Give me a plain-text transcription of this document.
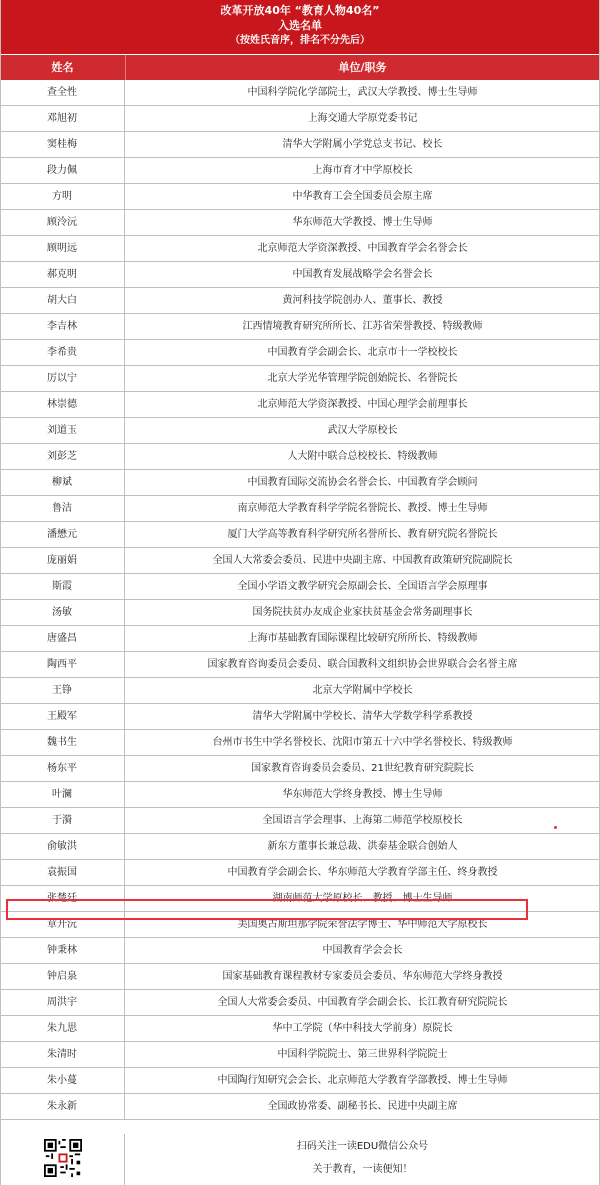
改革开放40年 “教育人物40名”
入选名单
（按姓氏音序，排名不分先后）
姓名	单位/职务
查全性	中国科学院化学部院士，武汉大学教授、博士生导师
邓旭初	上海交通大学原党委书记
窦桂梅	清华大学附属小学党总支书记、校长
段力佩	上海市育才中学原校长
方明	中华教育工会全国委员会原主席
顾泠沅	华东师范大学教授、博士生导师
顾明远	北京师范大学资深教授、中国教育学会名誉会长
郝克明	中国教育发展战略学会名誉会长
胡大白	黄河科技学院创办人、董事长、教授
李吉林	江西情境教育研究所所长、江苏省荣誉教授、特级教师
李希贵	中国教育学会副会长、北京市十一学校校长
厉以宁	北京大学光华管理学院创始院长、名誉院长
林崇德	北京师范大学资深教授、中国心理学会前理事长
刘道玉	武汉大学原校长
刘彭芝	人大附中联合总校校长、特级教师
柳斌	中国教育国际交流协会名誉会长、中国教育学会顾问
鲁洁	南京师范大学教育科学学院名誉院长、教授、博士生导师
潘懋元	厦门大学高等教育科学研究所名誉所长、教育研究院名誉院长
庞丽娟	全国人大常委会委员、民进中央副主席、中国教育政策研究院副院长
斯霞	全国小学语文教学研究会原副会长、全国语言学会原理事
汤敏	国务院扶贫办友成企业家扶贫基金会常务副理事长
唐盛昌	上海市基础教育国际课程比较研究所所长、特级教师
陶西平	国家教育咨询委员会委员、联合国教科文组织协会世界联合会名誉主席
王铮	北京大学附属中学校长
王殿军	清华大学附属中学校长、清华大学数学科学系教授
魏书生	台州市书生中学名誉校长、沈阳市第五十六中学名誉校长、特级教师
杨东平	国家教育咨询委员会委员、21世纪教育研究院院长
叶澜	华东师范大学终身教授、博士生导师
于漪	全国语言学会理事、上海第二师范学校原校长
俞敏洪	新东方董事长兼总裁、洪泰基金联合创始人
袁振国	中国教育学会副会长、华东师范大学教育学部主任、终身教授
张楚廷	湖南师范大学原校长、教授、博士生导师
章开沅	美国奥古斯坦那学院荣誉法学博士、华中师范大学原校长
钟秉林	中国教育学会会长
钟启泉	国家基础教育课程教材专家委员会委员、华东师范大学终身教授
周洪宇	全国人大常委会委员、中国教育学会副会长、长江教育研究院院长
朱九思	华中工学院（华中科技大学前身）原院长
朱清时	中国科学院院士、第三世界科学院院士
朱小蔓	中国陶行知研究会会长、北京师范大学教育学部教授、博士生导师
朱永新	全国政协常委、副秘书长、民进中央副主席
扫码关注一读EDU微信公众号
关于教育，一读便知！
